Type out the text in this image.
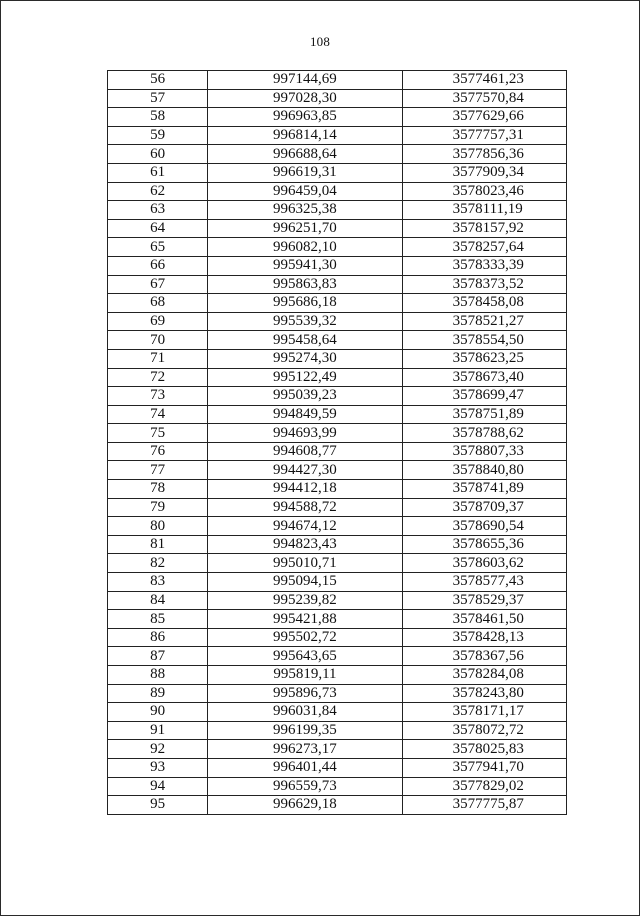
108
56	997144,69	3577461,23
57	997028,30	3577570,84
58	996963,85	3577629,66
59	996814,14	3577757,31
60	996688,64	3577856,36
61	996619,31	3577909,34
62	996459,04	3578023,46
63	996325,38	3578111,19
64	996251,70	3578157,92
65	996082,10	3578257,64
66	995941,30	3578333,39
67	995863,83	3578373,52
68	995686,18	3578458,08
69	995539,32	3578521,27
70	995458,64	3578554,50
71	995274,30	3578623,25
72	995122,49	3578673,40
73	995039,23	3578699,47
74	994849,59	3578751,89
75	994693,99	3578788,62
76	994608,77	3578807,33
77	994427,30	3578840,80
78	994412,18	3578741,89
79	994588,72	3578709,37
80	994674,12	3578690,54
81	994823,43	3578655,36
82	995010,71	3578603,62
83	995094,15	3578577,43
84	995239,82	3578529,37
85	995421,88	3578461,50
86	995502,72	3578428,13
87	995643,65	3578367,56
88	995819,11	3578284,08
89	995896,73	3578243,80
90	996031,84	3578171,17
91	996199,35	3578072,72
92	996273,17	3578025,83
93	996401,44	3577941,70
94	996559,73	3577829,02
95	996629,18	3577775,87
